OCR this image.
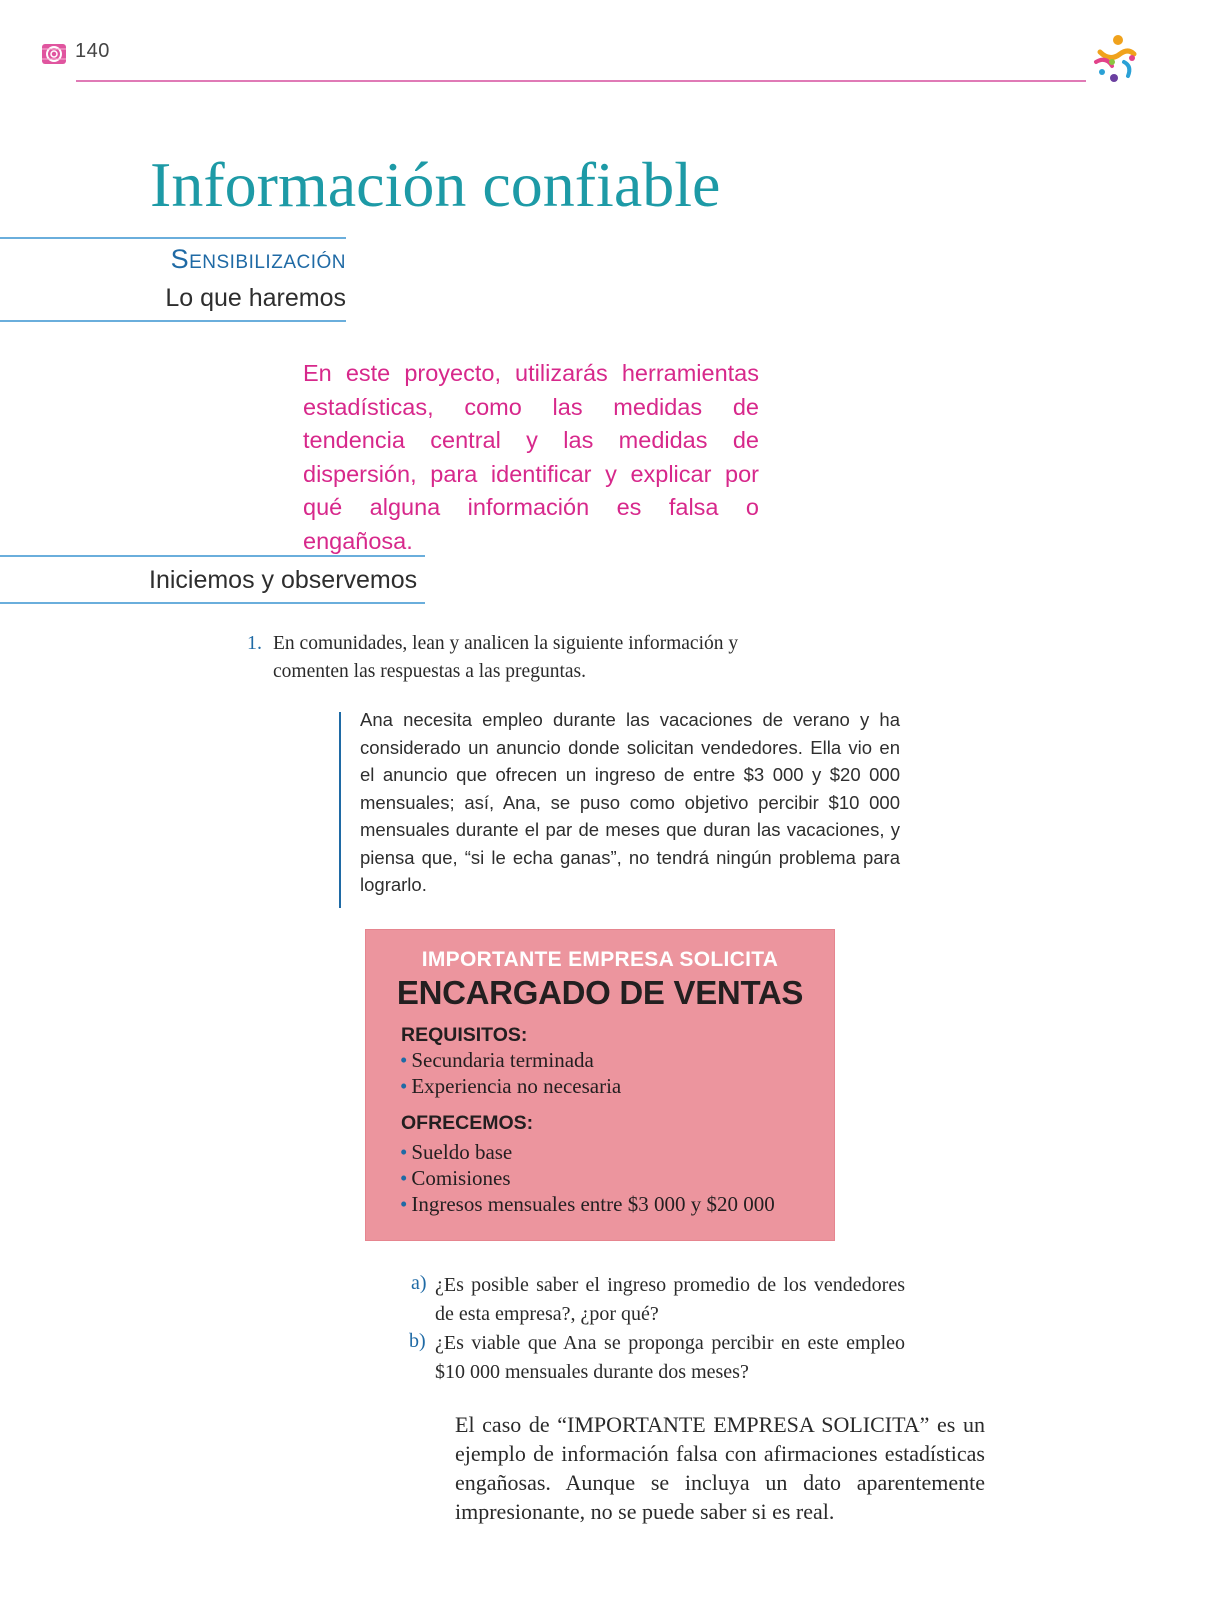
140
Información confiable
Sensibilización
Lo que haremos
En este proyecto, utilizarás herramientas estadísticas, como las medidas de tendencia central y las medidas de dispersión, para identificar y explicar por qué alguna información es falsa o engañosa.
Iniciemos y observemos
1. En comunidades, lean y analicen la siguiente información y comenten las respuestas a las preguntas.
Ana necesita empleo durante las vacaciones de verano y ha considerado un anuncio donde solicitan vendedores. Ella vio en el anuncio que ofrecen un ingreso de entre $3 000 y $20 000 mensuales; así, Ana, se puso como objetivo percibir $10 000 mensuales durante el par de meses que duran las vacaciones, y piensa que, “si le echa ganas”, no tendrá ningún problema para lograrlo.
IMPORTANTE EMPRESA SOLICITA
ENCARGADO DE VENTAS
REQUISITOS:
• Secundaria terminada
• Experiencia no necesaria
OFRECEMOS:
• Sueldo base
• Comisiones
• Ingresos mensuales entre $3 000 y $20 000
a) ¿Es posible saber el ingreso promedio de los vendedores de esta empresa?, ¿por qué?
b) ¿Es viable que Ana se proponga percibir en este empleo $10 000 mensuales durante dos meses?
El caso de “IMPORTANTE EMPRESA SOLICITA” es un ejemplo de información falsa con afirmaciones estadísticas engañosas. Aunque se incluya un dato aparentemente impresionante, no se puede saber si es real.
